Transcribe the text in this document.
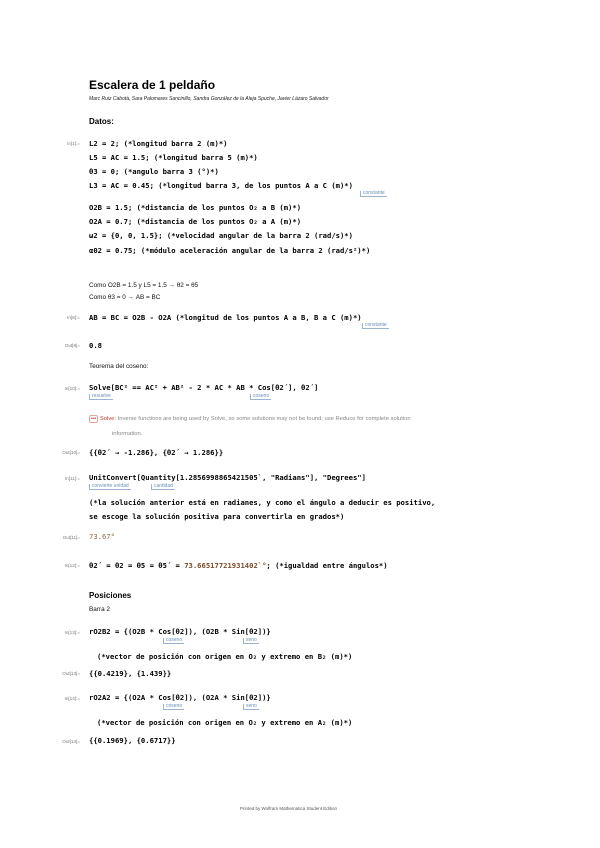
Escalera de 1 peldaño
Marc Ruiz Cabotà, Sara Palomares Sancinillo, Sandra González de la Aleja Spuche, Javier Lázaro Salvador
Datos:
In[1]:= L2 = 2; (*longitud barra 2 (m)*)
L5 = AC = 1.5; (*longitud barra 5 (m)*)
θ3 = 0; (*angulo barra 3 (°)*)
L3 = AC = 0.45; (*longitud barra 3, de los puntos A a C (m)*)
constante
O2B = 1.5; (*distancia de los puntos O₂ a B (m)*)
O2A = 0.7; (*distancia de los puntos O₂ a A (m)*)
ω2 = {0, 0, 1.5}; (*velocidad angular de la barra 2 (rad/s)*)
α02 = 0.75; (*módulo aceleración angular de la barra 2 (rad/s²)*)
Como O2B = 1.5 y L5 = 1.5 → θ2 = θ5
Como θ3 = 0 → AB = BC
In[8]:= AB = BC = O2B - O2A (*longitud de los puntos A a B, B a C (m)*)
constante
Out[8]= 0.8
Teorema del coseno:
In[10]:= Solve[BC² == AC² + AB² - 2 * AC * AB * Cos[θ2´], θ2´]
resuelve	coseno
••• Solve: Inverse functions are being used by Solve, so some solutions may not be found; use Reduce for complete solution
information.
Out[10]= {{θ2´ → -1.286}, {θ2´ → 1.286}}
In[11]:= UnitConvert[Quantity[1.2856998865421505`, "Radians"], "Degrees"]
convierte unidad	cantidad
(*la solución anterior está en radianes, y como el ángulo a deducir es positivo,
se escoge la solución positiva para convertirla en grados*)
Out[11]= 73.67°
In[12]:= θ2´ = θ2 = θ5 = θ5´ = 73.66517721931402`°; (*igualdad entre ángulos*)
Posiciones
Barra 2
In[13]:= rO2B2 = {(O2B * Cos[θ2]), (O2B * Sin[θ2])}
coseno	seno
(*vector de posición con origen en O₂ y extremo en B₂ (m)*)
Out[13]= {{0.4219}, {1.439}}
In[14]:= rO2A2 = {(O2A * Cos[θ2]), (O2A * Sin[θ2])}
coseno	seno
(*vector de posición con origen en O₂ y extremo en A₂ (m)*)
Out[14]= {{0.1969}, {0.6717}}
Printed by Wolfram Mathematica Student Edition
